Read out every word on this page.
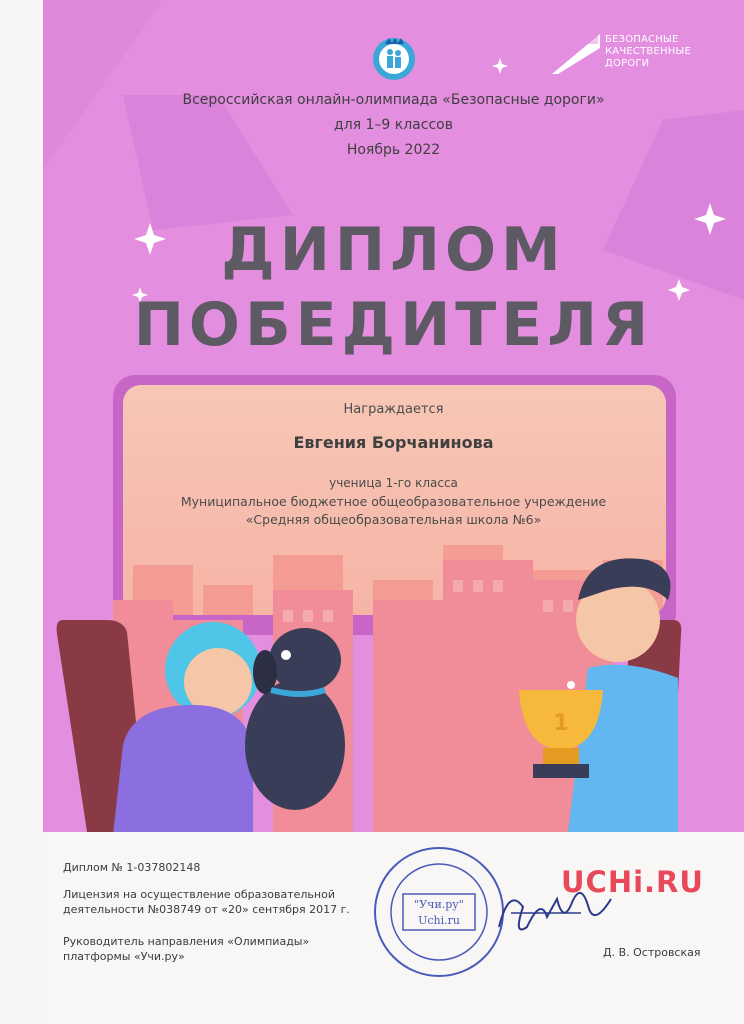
БЕЗОПАСНЫЕ
КАЧЕСТВЕННЫЕ ДОРОГИ
Всероссийская онлайн-олимпиада «Безопасные дороги»
для 1–9 классов
Ноябрь 2022
ДИПЛОМ
ПОБЕДИТЕЛЯ
Награждается
Евгения Борчанинова
ученица 1-го класса
Муниципальное бюджетное общеобразовательное учреждение
«Средняя общеобразовательная школа №6»
1
Диплом № 1-037802148
Лицензия на осуществление образовательной
деятельности №038749 от «20» сентября 2017 г.
Руководитель направления «Олимпиады»
платформы «Учи.ру»
"Учи.ру"
Uchi.ru
UCHi.RU
Д. В. Островская
